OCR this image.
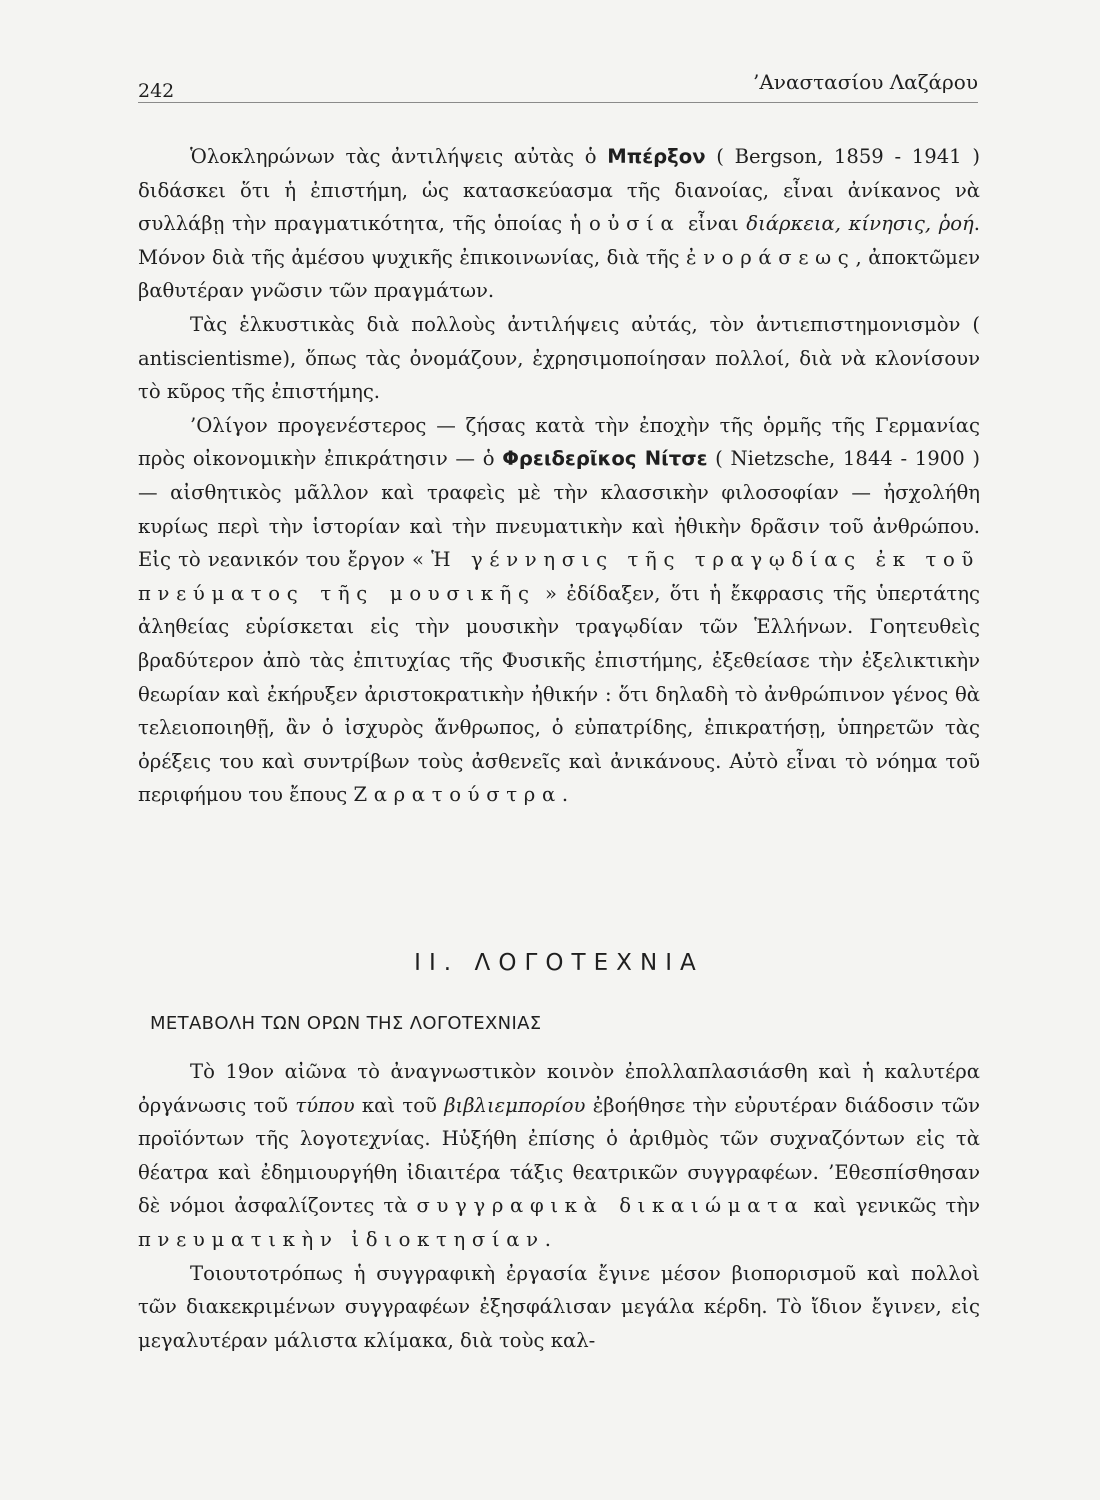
242	’Αναστασίου Λαζάρου

Ὁλοκληρώνων τὰς ἀντιλήψεις αὐτὰς ὁ Μπέρξον ( Bergson, 1859 - 1941 ) διδάσκει ὅτι ἡ ἐπιστήμη, ὡς κατασκεύασμα τῆς διανοίας, εἶναι ἀνίκανος νὰ συλλάβῃ τὴν πραγματικότητα, τῆς ὁποίας ἡ οὐσία εἶναι διάρκεια, κίνησις, ῥοή. Μόνον διὰ τῆς ἀμέσου ψυχικῆς ἐπικοινωνίας, διὰ τῆς ἐνοράσεως, ἀποκτῶμεν βαθυτέραν γνῶσιν τῶν πραγμάτων.

Τὰς ἑλκυστικὰς διὰ πολλοὺς ἀντιλήψεις αὐτάς, τὸν ἀντιεπιστημονισμὸν ( antiscientisme), ὅπως τὰς ὀνομάζουν, ἐχρησιμοποίησαν πολλοί, διὰ νὰ κλονίσουν τὸ κῦρος τῆς ἐπιστήμης.

’Ολίγον προγενέστερος — ζήσας κατὰ τὴν ἐποχὴν τῆς ὁρμῆς τῆς Γερμανίας πρὸς οἰκονομικὴν ἐπικράτησιν — ὁ Φρειδερῖκος Νίτσε ( Nietzsche, 1844 - 1900 ) — αἰσθητικὸς μᾶλλον καὶ τραφεὶς μὲ τὴν κλασσικὴν φιλοσοφίαν — ἠσχολήθη κυρίως περὶ τὴν ἱστορίαν καὶ τὴν πνευματικὴν καὶ ἠθικὴν δρᾶσιν τοῦ ἀνθρώπου. Εἰς τὸ νεανικόν του ἔργον « Ἡ γέννησις τῆς τραγῳδίας ἐκ τοῦ πνεύματος τῆς μουσικῆς » ἐδίδαξεν, ὅτι ἡ ἔκφρασις τῆς ὑπερτάτης ἀληθείας εὑρίσκεται εἰς τὴν μουσικὴν τραγῳδίαν τῶν Ἑλλήνων. Γοητευθεὶς βραδύτερον ἀπὸ τὰς ἐπιτυχίας τῆς Φυσικῆς ἐπιστήμης, ἐξεθείασε τὴν ἐξελικτικὴν θεωρίαν καὶ ἐκήρυξεν ἀριστοκρατικὴν ἠθικήν : ὅτι δηλαδὴ τὸ ἀνθρώπινον γένος θὰ τελειοποιηθῇ, ἂν ὁ ἰσχυρὸς ἄνθρωπος, ὁ εὐπατρίδης, ἐπικρατήσῃ, ὑπηρετῶν τὰς ὀρέξεις του καὶ συντρίβων τοὺς ἀσθενεῖς καὶ ἀνικάνους. Αὐτὸ εἶναι τὸ νόημα τοῦ περιφήμου του ἔπους Ζαρατούστρα.

ΙΙ. ΛΟΓΟΤΕΧΝΙΑ
ΜΕΤΑΒΟΛΗ ΤΩΝ ΟΡΩΝ ΤΗΣ ΛΟΓΟΤΕΧΝΙΑΣ

Τὸ 19ον αἰῶνα τὸ ἀναγνωστικὸν κοινὸν ἐπολλαπλασιάσθη καὶ ἡ καλυτέρα ὀργάνωσις τοῦ τύπου καὶ τοῦ βιβλιεμπορίου ἐβοήθησε τὴν εὐρυτέραν διάδοσιν τῶν προϊόντων τῆς λογοτεχνίας. Ηὐξήθη ἐπίσης ὁ ἀριθμὸς τῶν συχναζόντων εἰς τὰ θέατρα καὶ ἐδημιουργήθη ἰδιαιτέρα τάξις θεατρικῶν συγγραφέων. ’Εθεσπίσθησαν δὲ νόμοι ἀσφαλίζοντες τὰ συγγραφικὰ δικαιώματα καὶ γενικῶς τὴν πνευματικὴν ἰδιοκτησίαν.

Τοιουτοτρόπως ἡ συγγραφικὴ ἐργασία ἔγινε μέσον βιοπορισμοῦ καὶ πολλοὶ τῶν διακεκριμένων συγγραφέων ἐξησφάλισαν μεγάλα κέρδη. Τὸ ἴδιον ἔγινεν, εἰς μεγαλυτέραν μάλιστα κλίμακα, διὰ τοὺς καλ-
